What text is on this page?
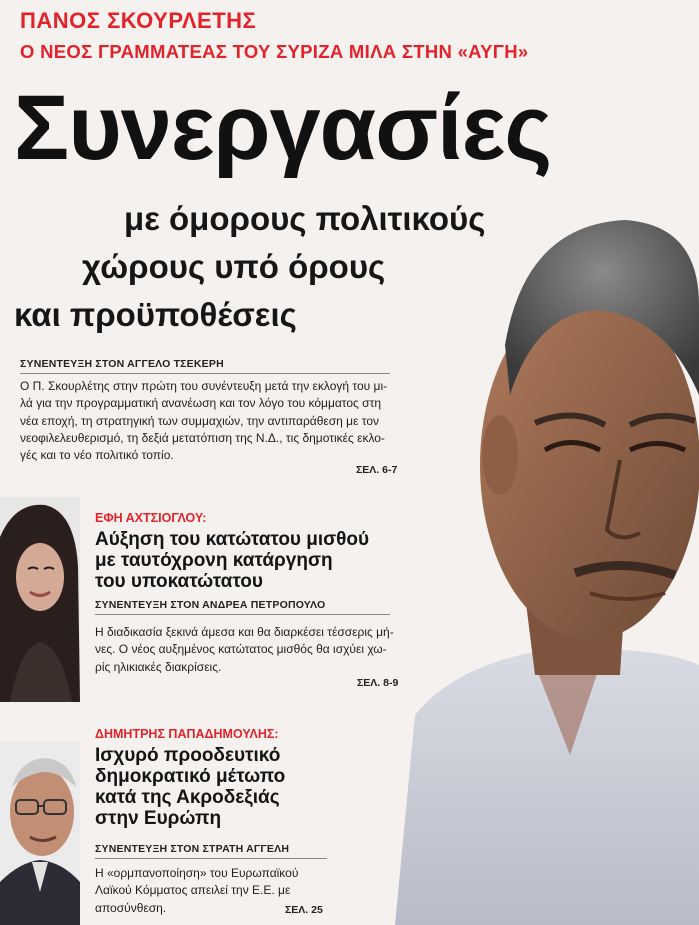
ΠΑΝΟΣ ΣΚΟΥΡΛΕΤΗΣ
Ο ΝΕΟΣ ΓΡΑΜΜΑΤΕΑΣ ΤΟΥ ΣΥΡΙΖΑ ΜΙΛΑ ΣΤΗΝ «ΑΥΓΗ»
Συνεργασίες
με όμορους πολιτικούς
χώρους υπό όρους
και προϋποθέσεις
ΣΥΝΕΝΤΕΥΞΗ ΣΤΟΝ ΑΓΓΕΛΟ ΤΣΕΚΕΡΗ
Ο Π. Σκουρλέτης στην πρώτη του συνέντευξη μετά την εκλογή του μι-
λά για την προγραμματική ανανέωση και τον λόγο του κόμματος στη
νέα εποχή, τη στρατηγική των συμμαχιών, την αντιπαράθεση με τον
νεοφιλελευθερισμό, τη δεξιά μετατόπιση της Ν.Δ., τις δημοτικές εκλο-
γές και το νέο πολιτικό τοπίο.
ΣΕΛ. 6-7
ΕΦΗ ΑΧΤΣΙΟΓΛΟΥ:
Αύξηση του κατώτατου μισθού
με ταυτόχρονη κατάργηση
του υποκατώτατου
ΣΥΝΕΝΤΕΥΞΗ ΣΤΟΝ ΑΝΔΡΕΑ ΠΕΤΡΟΠΟΥΛΟ
Η διαδικασία ξεκινά άμεσα και θα διαρκέσει τέσσερις μή-
νες. Ο νέος αυξημένος κατώτατος μισθός θα ισχύει χω-
ρίς ηλικιακές διακρίσεις.
ΣΕΛ. 8-9
ΔΗΜΗΤΡΗΣ ΠΑΠΑΔΗΜΟΥΛΗΣ:
Ισχυρό προοδευτικό
δημοκρατικό μέτωπο
κατά της Ακροδεξιάς
στην Ευρώπη
ΣΥΝΕΝΤΕΥΞΗ ΣΤΟΝ ΣΤΡΑΤΗ ΑΓΓΕΛΗ
Η «ορμπανοποίηση» του Ευρωπαϊκού
Λαϊκού Κόμματος απειλεί την Ε.Ε. με
αποσύνθεση.	ΣΕΛ. 25
